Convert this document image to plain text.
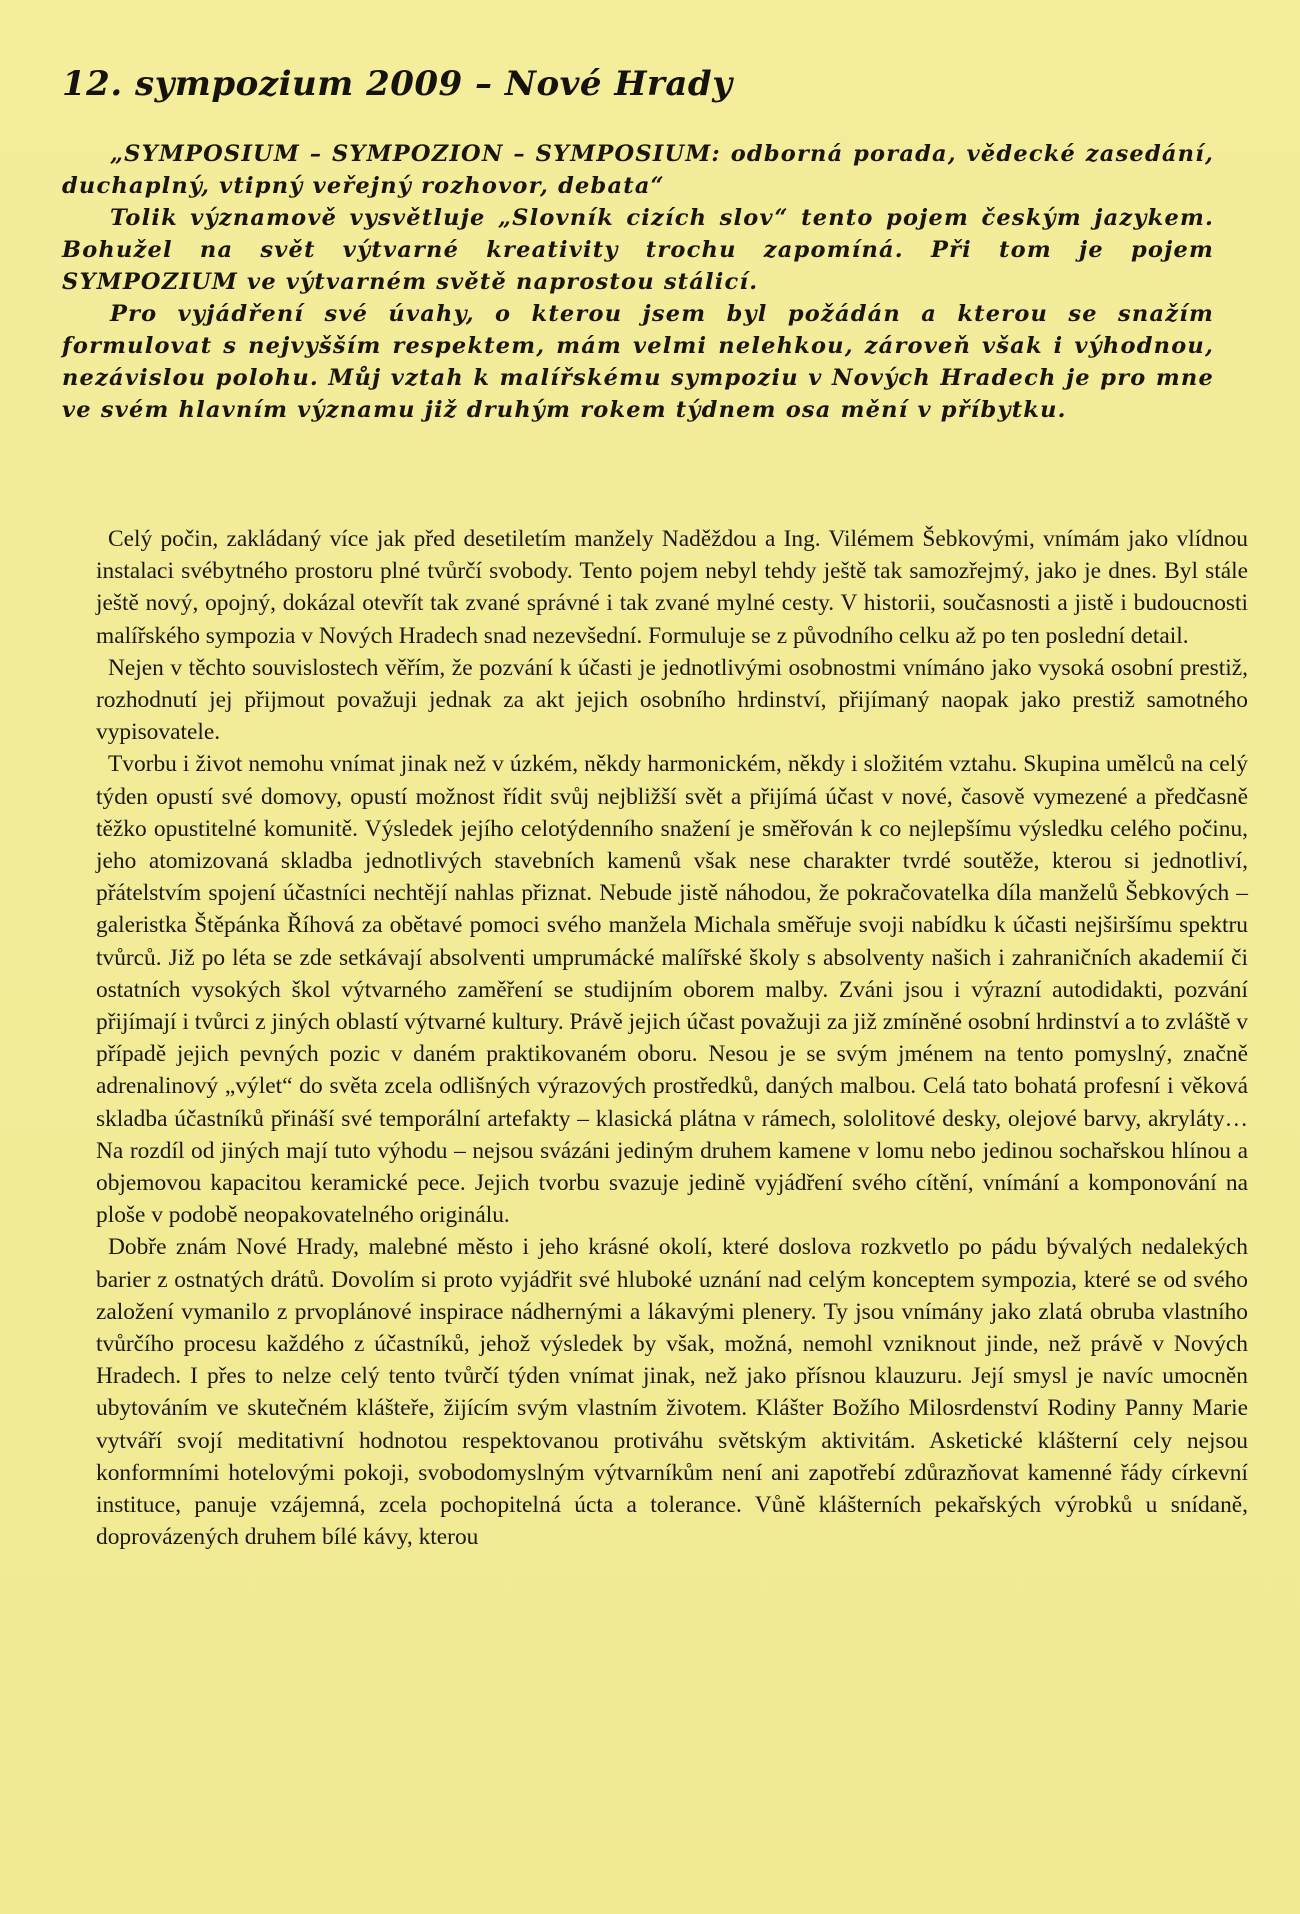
12. sympozium 2009 – Nové Hrady

„SYMPOSIUM – SYMPOZION – SYMPOSIUM: odborná porada, vědecké zasedání, duchaplný, vtipný veřejný rozhovor, debata“

Tolik významově vysvětluje „Slovník cizích slov“ tento pojem českým jazykem. Bohužel na svět výtvarné kreativity trochu zapomíná. Při tom je pojem SYMPOZIUM ve výtvarném světě naprostou stálicí.

Pro vyjádření své úvahy, o kterou jsem byl požádán a kterou se snažím formulovat s nejvyšším respektem, mám velmi nelehkou, zároveň však i výhodnou, nezávislou polohu. Můj vztah k malířskému sympoziu v Nových Hradech je pro mne ve svém hlavním významu již druhým rokem týdnem osa mění v příbytku.

Celý počin, zakládaný více jak před desetiletím manžely Naděždou a Ing. Vilémem Šebkovými, vnímám jako vlídnou instalaci svébytného prostoru plné tvůrčí svobody. Tento pojem nebyl tehdy ještě tak samozřejmý, jako je dnes. Byl stále ještě nový, opojný, dokázal otevřít tak zvané správné i tak zvané mylné cesty. V historii, současnosti a jistě i budoucnosti malířského sympozia v Nových Hradech snad nezevšední. Formuluje se z původního celku až po ten poslední detail.

Nejen v těchto souvislostech věřím, že pozvání k účasti je jednotlivými osobnostmi vnímáno jako vysoká osobní prestiž, rozhodnutí jej přijmout považuji jednak za akt jejich osobního hrdinství, přijímaný naopak jako prestiž samotného vypisovatele.

Tvorbu i život nemohu vnímat jinak než v úzkém, někdy harmonickém, někdy i složitém vztahu. Skupina umělců na celý týden opustí své domovy, opustí možnost řídit svůj nejbližší svět a přijímá účast v nové, časově vymezené a předčasně těžko opustitelné komunitě. Výsledek jejího celotýdenního snažení je směřován k co nejlepšímu výsledku celého počinu, jeho atomizovaná skladba jednotlivých stavebních kamenů však nese charakter tvrdé soutěže, kterou si jednotliví, přátelstvím spojení účastníci nechtějí nahlas přiznat. Nebude jistě náhodou, že pokračovatelka díla manželů Šebkových – galeristka Štěpánka Říhová za obětavé pomoci svého manžela Michala směřuje svoji nabídku k účasti nejširšímu spektru tvůrců. Již po léta se zde setkávají absolventi umprumácké malířské školy s absolventy našich i zahraničních akademií či ostatních vysokých škol výtvarného zaměření se studijním oborem malby. Zváni jsou i výrazní autodidakti, pozvání přijímají i tvůrci z jiných oblastí výtvarné kultury. Právě jejich účast považuji za již zmíněné osobní hrdinství a to zvláště v případě jejich pevných pozic v daném praktikovaném oboru. Nesou je se svým jménem na tento pomyslný, značně adrenalinový „výlet“ do světa zcela odlišných výrazových prostředků, daných malbou. Celá tato bohatá profesní i věková skladba účastníků přináší své temporální artefakty – klasická plátna v rámech, sololitové desky, olejové barvy, akryláty… Na rozdíl od jiných mají tuto výhodu – nejsou svázáni jediným druhem kamene v lomu nebo jedinou sochařskou hlínou a objemovou kapacitou keramické pece. Jejich tvorbu svazuje jedině vyjádření svého cítění, vnímání a komponování na ploše v podobě neopakovatelného originálu.

Dobře znám Nové Hrady, malebné město i jeho krásné okolí, které doslova rozkvetlo po pádu bývalých nedalekých barier z ostnatých drátů. Dovolím si proto vyjádřit své hluboké uznání nad celým konceptem sympozia, které se od svého založení vymanilo z prvoplánové inspirace nádhernými a lákavými plenery. Ty jsou vnímány jako zlatá obruba vlastního tvůrčího procesu každého z účastníků, jehož výsledek by však, možná, nemohl vzniknout jinde, než právě v Nových Hradech. I přes to nelze celý tento tvůrčí týden vnímat jinak, než jako přísnou klauzuru. Její smysl je navíc umocněn ubytováním ve skutečném klášteře, žijícím svým vlastním životem. Klášter Božího Milosrdenství Rodiny Panny Marie vytváří svojí meditativní hodnotou respektovanou protiváhu světským aktivitám. Asketické klášterní cely nejsou konformními hotelovými pokoji, svobodomyslným výtvarníkům není ani zapotřebí zdůrazňovat kamenné řády církevní instituce, panuje vzájemná, zcela pochopitelná úcta a tolerance. Vůně klášterních pekařských výrobků u snídaně, doprovázených druhem bílé kávy, kterou
